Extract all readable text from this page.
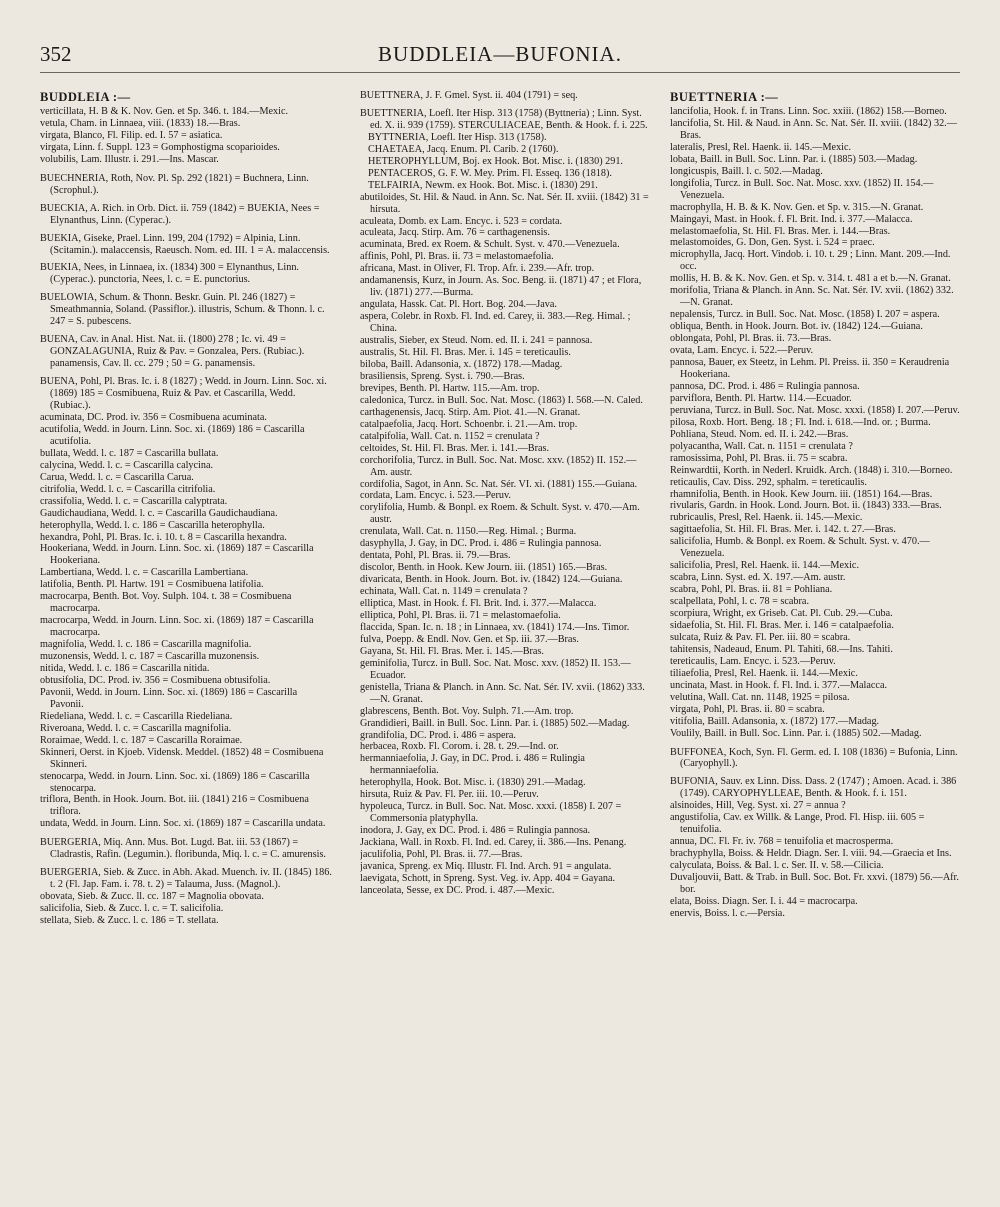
352	BUDDLEIA—BUFONIA.

BUDDLEIA :—

verticillata, H. B & K. Nov. Gen. et Sp. 346. t. 184.—Mexic.

vetula, Cham. in Linnaea, viii. (1833) 18.—Bras.

virgata, Blanco, Fl. Filip. ed. I. 57 = asiatica.

virgata, Linn. f. Suppl. 123 = Gomphostigma scoparioides.

volubilis, Lam. Illustr. i. 291.—Ins. Mascar.

BUECHNERIA, Roth, Nov. Pl. Sp. 292 (1821) = Buchnera, Linn. (Scrophul.).

BUECKIA, A. Rich. in Orb. Dict. ii. 759 (1842) = BUEKIA, Nees = Elynanthus, Linn. (Cyperac.).

BUEKIA, Giseke, Prael. Linn. 199, 204 (1792) = Alpinia, Linn. (Scitamin.). malaccensis, Raeusch. Nom. ed. III. 1 = A. malaccensis.

BUEKIA, Nees, in Linnaea, ix. (1834) 300 = Elynanthus, Linn. (Cyperac.). punctoria, Nees, l. c. = E. punctorius.

BUELOWIA, Schum. & Thonn. Beskr. Guin. Pl. 246 (1827) = Smeathmannia, Soland. (Passiflor.). illustris, Schum. & Thonn. l. c. 247 = S. pubescens.

BUENA, Cav. in Anal. Hist. Nat. ii. (1800) 278 ; Ic. vi. 49 = GONZALAGUNIA, Ruiz & Pav. = Gonzalea, Pers. (Rubiac.). panamensis, Cav. ll. cc. 279 ; 50 = G. panamensis.

BUENA, Pohl, Pl. Bras. Ic. i. 8 (1827) ; Wedd. in Journ. Linn. Soc. xi. (1869) 185 = Cosmibuena, Ruiz & Pav. et Cascarilla, Wedd. (Rubiac.).

acuminata, DC. Prod. iv. 356 = Cosmibuena acuminata.

acutifolia, Wedd. in Journ. Linn. Soc. xi. (1869) 186 = Cascarilla acutifolia.

bullata, Wedd. l. c. 187 = Cascarilla bullata.

calycina, Wedd. l. c. = Cascarilla calycina.

Carua, Wedd. l. c. = Cascarilla Carua.

citrifolia, Wedd. l. c. = Cascarilla citrifolia.

crassifolia, Wedd. l. c. = Cascarilla calyptrata.

Gaudichaudiana, Wedd. l. c. = Cascarilla Gaudichaudiana.

heterophylla, Wedd. l. c. 186 = Cascarilla heterophylla.

hexandra, Pohl, Pl. Bras. Ic. i. 10. t. 8 = Cascarilla hexandra.

Hookeriana, Wedd. in Journ. Linn. Soc. xi. (1869) 187 = Cascarilla Hookeriana.

Lambertiana, Wedd. l. c. = Cascarilla Lambertiana.

latifolia, Benth. Pl. Hartw. 191 = Cosmibuena latifolia.

macrocarpa, Benth. Bot. Voy. Sulph. 104. t. 38 = Cosmibuena macrocarpa.

macrocarpa, Wedd. in Journ. Linn. Soc. xi. (1869) 187 = Cascarilla macrocarpa.

magnifolia, Wedd. l. c. 186 = Cascarilla magnifolia.

muzonensis, Wedd. l. c. 187 = Cascarilla muzonensis.

nitida, Wedd. l. c. 186 = Cascarilla nitida.

obtusifolia, DC. Prod. iv. 356 = Cosmibuena obtusifolia.

Pavonii, Wedd. in Journ. Linn. Soc. xi. (1869) 186 = Cascarilla Pavonii.

Riedeliana, Wedd. l. c. = Cascarilla Riedeliana.

Riveroana, Wedd. l. c. = Cascarilla magnifolia.

Roraimae, Wedd. l. c. 187 = Cascarilla Roraimae.

Skinneri, Oerst. in Kjoeb. Vidensk. Meddel. (1852) 48 = Cosmibuena Skinneri.

stenocarpa, Wedd. in Journ. Linn. Soc. xi. (1869) 186 = Cascarilla stenocarpa.

triflora, Benth. in Hook. Journ. Bot. iii. (1841) 216 = Cosmibuena triflora.

undata, Wedd. in Journ. Linn. Soc. xi. (1869) 187 = Cascarilla undata.

BUERGERIA, Miq. Ann. Mus. Bot. Lugd. Bat. iii. 53 (1867) = Cladrastis, Rafin. (Legumin.). floribunda, Miq. l. c. = C. amurensis.

BUERGERIA, Sieb. & Zucc. in Abh. Akad. Muench. iv. II. (1845) 186. t. 2 (Fl. Jap. Fam. i. 78. t. 2) = Talauma, Juss. (Magnol.).

obovata, Sieb. & Zucc. ll. cc. 187 = Magnolia obovata.

salicifolia, Sieb. & Zucc. l. c. = T. salicifolia.

stellata, Sieb. & Zucc. l. c. 186 = T. stellata.

BUETTNERA, J. F. Gmel. Syst. ii. 404 (1791) = seq.

BUETTNERIA, Loefl. Iter Hisp. 313 (1758) (Byttneria) ; Linn. Syst. ed. X. ii. 939 (1759). STERCULIACEAE, Benth. & Hook. f. i. 225.

BYTTNERIA, Loefl. Iter Hisp. 313 (1758).

CHAETAEA, Jacq. Enum. Pl. Carib. 2 (1760).

HETEROPHYLLUM, Boj. ex Hook. Bot. Misc. i. (1830) 291.

PENTACEROS, G. F. W. Mey. Prim. Fl. Esseq. 136 (1818).

TELFAIRIA, Newm. ex Hook. Bot. Misc. i. (1830) 291.

abutiloides, St. Hil. & Naud. in Ann. Sc. Nat. Sér. II. xviii. (1842) 31 = hirsuta.

aculeata, Domb. ex Lam. Encyc. i. 523 = cordata.

aculeata, Jacq. Stirp. Am. 76 = carthagenensis.

acuminata, Bred. ex Roem. & Schult. Syst. v. 470.—Venezuela.

affinis, Pohl, Pl. Bras. ii. 73 = melastomaefolia.

africana, Mast. in Oliver, Fl. Trop. Afr. i. 239.—Afr. trop.

andamanensis, Kurz, in Journ. As. Soc. Beng. ii. (1871) 47 ; et Flora, liv. (1871) 277.—Burma.

angulata, Hassk. Cat. Pl. Hort. Bog. 204.—Java.

aspera, Colebr. in Roxb. Fl. Ind. ed. Carey, ii. 383.—Reg. Himal. ; China.

australis, Sieber, ex Steud. Nom. ed. II. i. 241 = pannosa.

australis, St. Hil. Fl. Bras. Mer. i. 145 = tereticaulis.

biloba, Baill. Adansonia, x. (1872) 178.—Madag.

brasiliensis, Spreng. Syst. i. 790.—Bras.

brevipes, Benth. Pl. Hartw. 115.—Am. trop.

caledonica, Turcz. in Bull. Soc. Nat. Mosc. (1863) I. 568.—N. Caled.

carthagenensis, Jacq. Stirp. Am. Piot. 41.—N. Granat.

catalpaefolia, Jacq. Hort. Schoenbr. i. 21.—Am. trop.

catalpifolia, Wall. Cat. n. 1152 = crenulata ?

celtoides, St. Hil. Fl. Bras. Mer. i. 141.—Bras.

corchorifolia, Turcz. in Bull. Soc. Nat. Mosc. xxv. (1852) II. 152.—Am. austr.

cordifolia, Sagot, in Ann. Sc. Nat. Sér. VI. xi. (1881) 155.—Guiana.

cordata, Lam. Encyc. i. 523.—Peruv.

corylifolia, Humb. & Bonpl. ex Roem. & Schult. Syst. v. 470.—Am. austr.

crenulata, Wall. Cat. n. 1150.—Reg. Himal. ; Burma.

dasyphylla, J. Gay, in DC. Prod. i. 486 = Rulingia pannosa.

dentata, Pohl, Pl. Bras. ii. 79.—Bras.

discolor, Benth. in Hook. Kew Journ. iii. (1851) 165.—Bras.

divaricata, Benth. in Hook. Journ. Bot. iv. (1842) 124.—Guiana.

echinata, Wall. Cat. n. 1149 = crenulata ?

elliptica, Mast. in Hook. f. Fl. Brit. Ind. i. 377.—Malacca.

elliptica, Pohl, Pl. Bras. ii. 71 = melastomaefolia.

flaccida, Span. Ic. n. 18 ; in Linnaea, xv. (1841) 174.—Ins. Timor.

fulva, Poepp. & Endl. Nov. Gen. et Sp. iii. 37.—Bras.

Gayana, St. Hil. Fl. Bras. Mer. i. 145.—Bras.

geminifolia, Turcz. in Bull. Soc. Nat. Mosc. xxv. (1852) II. 153.—Ecuador.

genistella, Triana & Planch. in Ann. Sc. Nat. Sér. IV. xvii. (1862) 333.—N. Granat.

glabrescens, Benth. Bot. Voy. Sulph. 71.—Am. trop.

Grandidieri, Baill. in Bull. Soc. Linn. Par. i. (1885) 502.—Madag.

grandifolia, DC. Prod. i. 486 = aspera.

herbacea, Roxb. Fl. Corom. i. 28. t. 29.—Ind. or.

hermanniaefolia, J. Gay, in DC. Prod. i. 486 = Rulingia hermanniaefolia.

heterophylla, Hook. Bot. Misc. i. (1830) 291.—Madag.

hirsuta, Ruiz & Pav. Fl. Per. iii. 10.—Peruv.

hypoleuca, Turcz. in Bull. Soc. Nat. Mosc. xxxi. (1858) I. 207 = Commersonia platyphylla.

inodora, J. Gay, ex DC. Prod. i. 486 = Rulingia pannosa.

Jackiana, Wall. in Roxb. Fl. Ind. ed. Carey, ii. 386.—Ins. Penang.

jaculifolia, Pohl, Pl. Bras. ii. 77.—Bras.

javanica, Spreng. ex Miq. Illustr. Fl. Ind. Arch. 91 = angulata.

laevigata, Schott, in Spreng. Syst. Veg. iv. App. 404 = Gayana.

lanceolata, Sesse, ex DC. Prod. i. 487.—Mexic.

BUETTNERIA :—

lancifolia, Hook. f. in Trans. Linn. Soc. xxiii. (1862) 158.—Borneo.

lancifolia, St. Hil. & Naud. in Ann. Sc. Nat. Sér. II. xviii. (1842) 32.—Bras.

lateralis, Presl, Rel. Haenk. ii. 145.—Mexic.

lobata, Baill. in Bull. Soc. Linn. Par. i. (1885) 503.—Madag.

longicuspis, Baill. l. c. 502.—Madag.

longifolia, Turcz. in Bull. Soc. Nat. Mosc. xxv. (1852) II. 154.—Venezuela.

macrophylla, H. B. & K. Nov. Gen. et Sp. v. 315.—N. Granat.

Maingayi, Mast. in Hook. f. Fl. Brit. Ind. i. 377.—Malacca.

melastomaefolia, St. Hil. Fl. Bras. Mer. i. 144.—Bras.

melastomoides, G. Don, Gen. Syst. i. 524 = praec.

microphylla, Jacq. Hort. Vindob. i. 10. t. 29 ; Linn. Mant. 209.—Ind. occ.

mollis, H. B. & K. Nov. Gen. et Sp. v. 314. t. 481 a et b.—N. Granat.

morifolia, Triana & Planch. in Ann. Sc. Nat. Sér. IV. xvii. (1862) 332.—N. Granat.

nepalensis, Turcz. in Bull. Soc. Nat. Mosc. (1858) I. 207 = aspera.

obliqua, Benth. in Hook. Journ. Bot. iv. (1842) 124.—Guiana.

oblongata, Pohl, Pl. Bras. ii. 73.—Bras.

ovata, Lam. Encyc. i. 522.—Peruv.

pannosa, Bauer, ex Steetz, in Lehm. Pl. Preiss. ii. 350 = Keraudrenia Hookeriana.

pannosa, DC. Prod. i. 486 = Rulingia pannosa.

parviflora, Benth. Pl. Hartw. 114.—Ecuador.

peruviana, Turcz. in Bull. Soc. Nat. Mosc. xxxi. (1858) I. 207.—Peruv.

pilosa, Roxb. Hort. Beng. 18 ; Fl. Ind. i. 618.—Ind. or. ; Burma.

Pohliana, Steud. Nom. ed. II. i. 242.—Bras.

polyacantha, Wall. Cat. n. 1151 = crenulata ?

ramosissima, Pohl, Pl. Bras. ii. 75 = scabra.

Reinwardtii, Korth. in Nederl. Kruidk. Arch. (1848) i. 310.—Borneo.

reticaulis, Cav. Diss. 292, sphalm. = tereticaulis.

rhamnifolia, Benth. in Hook. Kew Journ. iii. (1851) 164.—Bras.

rivularis, Gardn. in Hook. Lond. Journ. Bot. ii. (1843) 333.—Bras.

rubricaulis, Presl, Rel. Haenk. ii. 145.—Mexic.

sagittaefolia, St. Hil. Fl. Bras. Mer. i. 142. t. 27.—Bras.

salicifolia, Humb. & Bonpl. ex Roem. & Schult. Syst. v. 470.—Venezuela.

salicifolia, Presl, Rel. Haenk. ii. 144.—Mexic.

scabra, Linn. Syst. ed. X. 197.—Am. austr.

scabra, Pohl, Pl. Bras. ii. 81 = Pohliana.

scalpellata, Pohl, l. c. 78 = scabra.

scorpiura, Wright, ex Griseb. Cat. Pl. Cub. 29.—Cuba.

sidaefolia, St. Hil. Fl. Bras. Mer. i. 146 = catalpaefolia.

sulcata, Ruiz & Pav. Fl. Per. iii. 80 = scabra.

tahitensis, Nadeaud, Enum. Pl. Tahiti, 68.—Ins. Tahiti.

tereticaulis, Lam. Encyc. i. 523.—Peruv.

tiliaefolia, Presl, Rel. Haenk. ii. 144.—Mexic.

uncinata, Mast. in Hook. f. Fl. Ind. i. 377.—Malacca.

velutina, Wall. Cat. nn. 1148, 1925 = pilosa.

virgata, Pohl, Pl. Bras. ii. 80 = scabra.

vitifolia, Baill. Adansonia, x. (1872) 177.—Madag.

Voulily, Baill. in Bull. Soc. Linn. Par. i. (1885) 502.—Madag.

BUFFONEA, Koch, Syn. Fl. Germ. ed. I. 108 (1836) = Bufonia, Linn. (Caryophyll.).

BUFONIA, Sauv. ex Linn. Diss. Dass. 2 (1747) ; Amoen. Acad. i. 386 (1749). CARYOPHYLLEAE, Benth. & Hook. f. i. 151.

alsinoides, Hill, Veg. Syst. xi. 27 = annua ?

angustifolia, Cav. ex Willk. & Lange, Prod. Fl. Hisp. iii. 605 = tenuifolia.

annua, DC. Fl. Fr. iv. 768 = tenuifolia et macrosperma.

brachyphylla, Boiss. & Heldr. Diagn. Ser. I. viii. 94.—Graecia et Ins.

calyculata, Boiss. & Bal. l. c. Ser. II. v. 58.—Cilicia.

Duvaljouvii, Batt. & Trab. in Bull. Soc. Bot. Fr. xxvi. (1879) 56.—Afr. bor.

elata, Boiss. Diagn. Ser. I. i. 44 = macrocarpa.

enervis, Boiss. l. c.—Persia.
